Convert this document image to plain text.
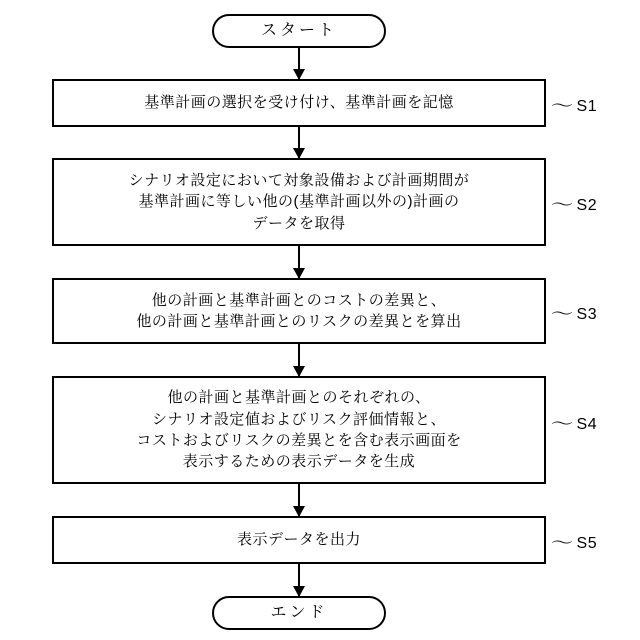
スタート
基準計画の選択を受け付け、基準計画を記憶
シナリオ設定において対象設備および計画期間が
基準計画に等しい他の(基準計画以外の)計画の
データを取得
他の計画と基準計画とのコストの差異と、
他の計画と基準計画とのリスクの差異とを算出
他の計画と基準計画とのそれぞれの、
シナリオ設定値およびリスク評価情報と、
コストおよびリスクの差異とを含む表示画面を
表示するための表示データを生成
表示データを出力
エンド
〜 S1
〜 S2
〜 S3
〜 S4
〜 S5
